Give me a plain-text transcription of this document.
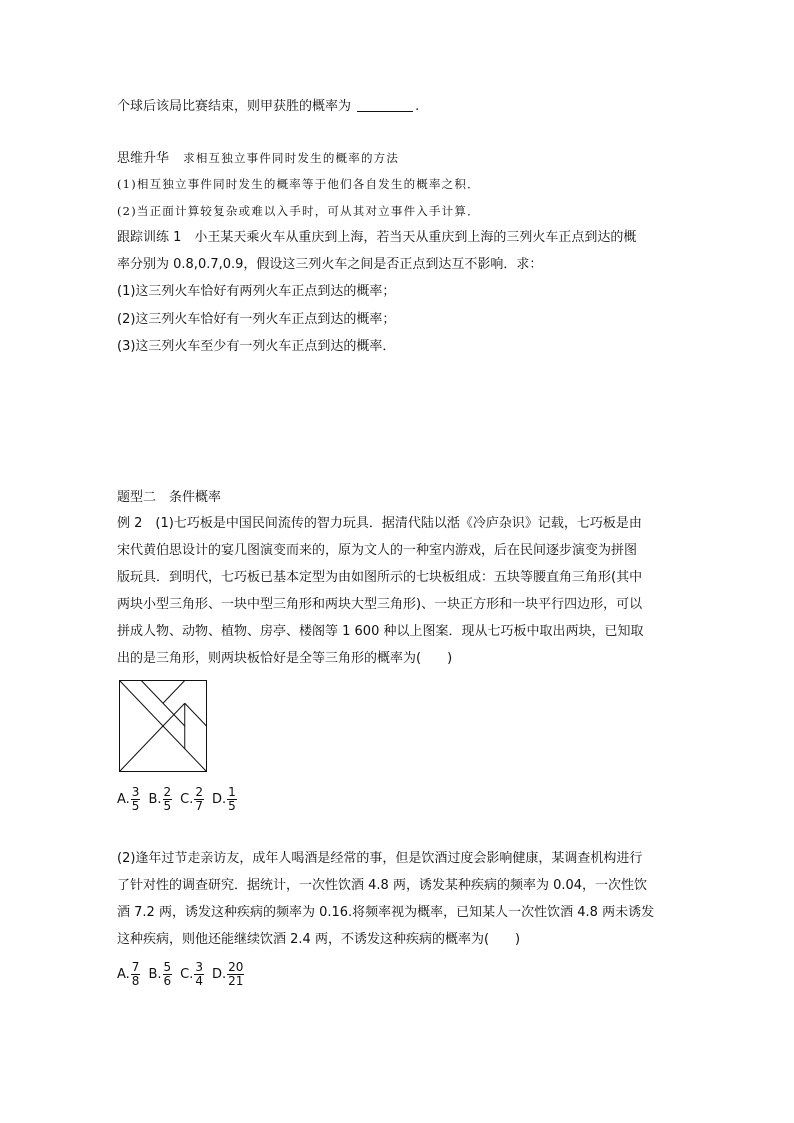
个球后该局比赛结束，则甲获胜的概率为	.
思维升华 求相互独立事件同时发生的概率的方法
(1)相互独立事件同时发生的概率等于他们各自发生的概率之积．
(2)当正面计算较复杂或难以入手时，可从其对立事件入手计算．
跟踪训练 1　小王某天乘火车从重庆到上海，若当天从重庆到上海的三列火车正点到达的概
率分别为 0.8,0.7,0.9，假设这三列火车之间是否正点到达互不影响．求：
(1)这三列火车恰好有两列火车正点到达的概率；
(2)这三列火车恰好有一列火车正点到达的概率；
(3)这三列火车至少有一列火车正点到达的概率．
题型二　条件概率
例 2　(1)七巧板是中国民间流传的智力玩具．据清代陆以湉《冷庐杂识》记载，七巧板是由
宋代黄伯思设计的宴几图演变而来的，原为文人的一种室内游戏，后在民间逐步演变为拼图
版玩具．到明代，七巧板已基本定型为由如图所示的七块板组成：五块等腰直角三角形(其中
两块小型三角形、一块中型三角形和两块大型三角形)、一块正方形和一块平行四边形，可以
拼成人物、动物、植物、房亭、楼阁等 1 600 种以上图案．现从七巧板中取出两块，已知取
出的是三角形，则两块板恰好是全等三角形的概率为(　　)
A. $\frac{3}{5} B$. $\frac{2}{5} C$. $\frac{2}{7} D$. $\frac{1}{5}$
(2)逢年过节走亲访友，成年人喝酒是经常的事，但是饮酒过度会影响健康，某调查机构进行
了针对性的调查研究．据统计，一次性饮酒 4.8 两，诱发某种疾病的频率为 0.04，一次性饮
酒 7.2 两，诱发这种疾病的频率为 0.16.将频率视为概率，已知某人一次性饮酒 4.8 两未诱发
这种疾病，则他还能继续饮酒 2.4 两，不诱发这种疾病的概率为(　　)
A. $\frac{7}{8} B$. $\frac{5}{6} C$. $\frac{3}{4} D$. $\frac{20}{21}$
